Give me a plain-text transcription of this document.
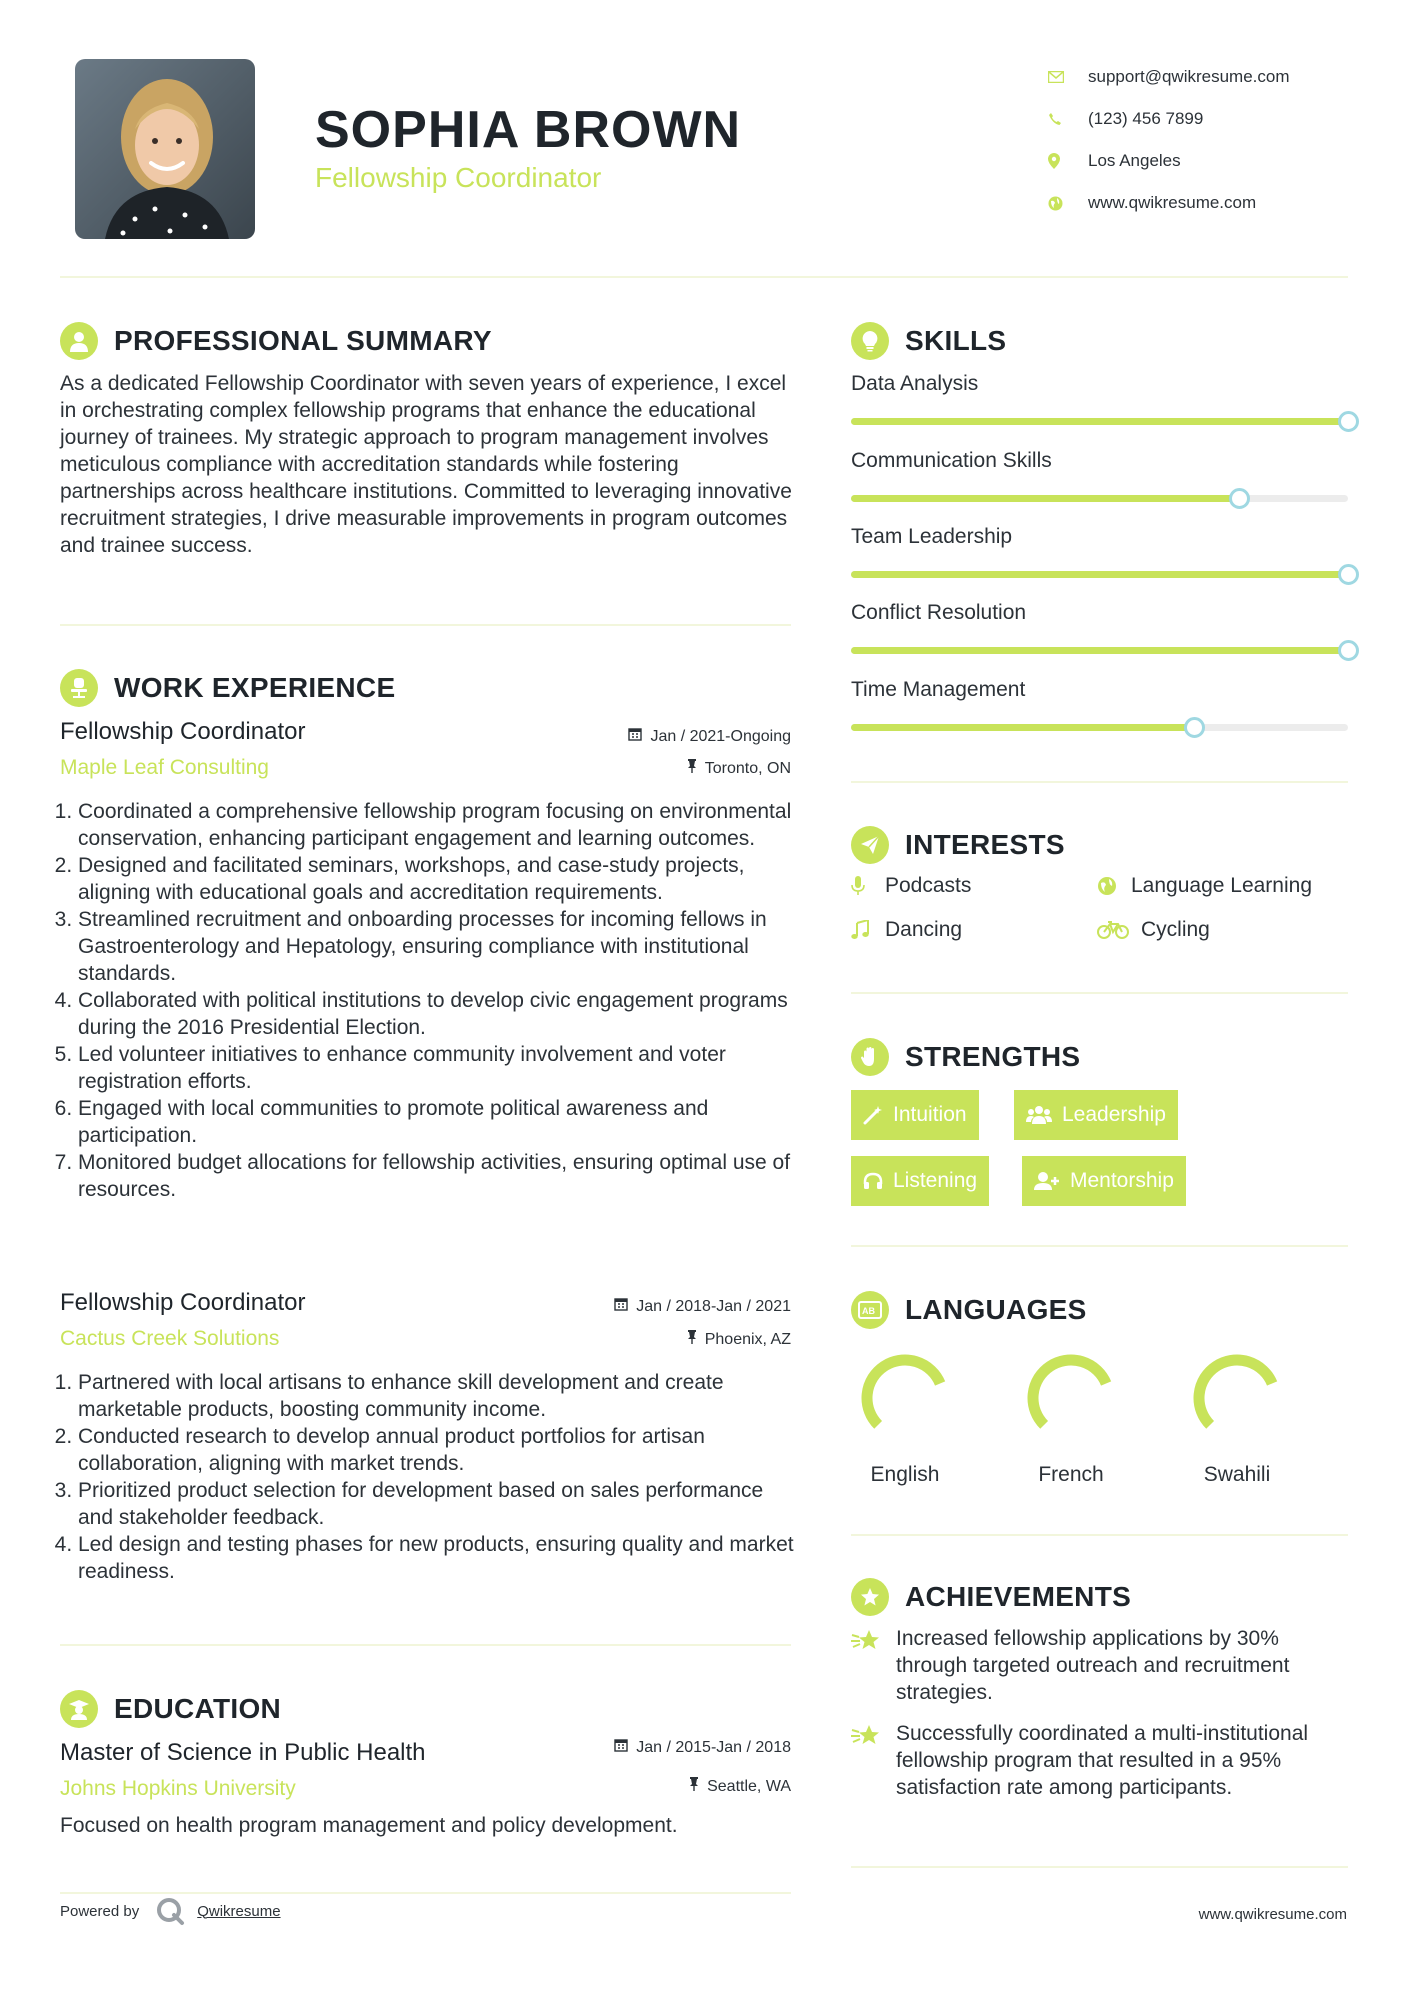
SOPHIA BROWN
Fellowship Coordinator
support@qwikresume.com
(123) 456 7899
Los Angeles
www.qwikresume.com
PROFESSIONAL SUMMARY
As a dedicated Fellowship Coordinator with seven years of experience, I excel in orchestrating complex fellowship programs that enhance the educational journey of trainees. My strategic approach to program management involves meticulous compliance with accreditation standards while fostering partnerships across healthcare institutions. Committed to leveraging innovative recruitment strategies, I drive measurable improvements in program outcomes and trainee success.
WORK EXPERIENCE
Fellowship Coordinator
Maple Leaf Consulting
Jan / 2021-Ongoing
Toronto, ON
1. Coordinated a comprehensive fellowship program focusing on environmental conservation, enhancing participant engagement and learning outcomes.
2. Designed and facilitated seminars, workshops, and case-study projects, aligning with educational goals and accreditation requirements.
3. Streamlined recruitment and onboarding processes for incoming fellows in Gastroenterology and Hepatology, ensuring compliance with institutional standards.
4. Collaborated with political institutions to develop civic engagement programs during the 2016 Presidential Election.
5. Led volunteer initiatives to enhance community involvement and voter registration efforts.
6. Engaged with local communities to promote political awareness and participation.
7. Monitored budget allocations for fellowship activities, ensuring optimal use of resources.
Fellowship Coordinator
Cactus Creek Solutions
Jan / 2018-Jan / 2021
Phoenix, AZ
1. Partnered with local artisans to enhance skill development and create marketable products, boosting community income.
2. Conducted research to develop annual product portfolios for artisan collaboration, aligning with market trends.
3. Prioritized product selection for development based on sales performance and stakeholder feedback.
4. Led design and testing phases for new products, ensuring quality and market readiness.
EDUCATION
Master of Science in Public Health
Johns Hopkins University
Jan / 2015-Jan / 2018
Seattle, WA
Focused on health program management and policy development.
SKILLS
Data Analysis
Communication Skills
Team Leadership
Conflict Resolution
Time Management
INTERESTS
Podcasts	Language Learning
Dancing	Cycling
STRENGTHS
Intuition	Leadership
Listening	Mentorship
AB LANGUAGES
English	French	Swahili
ACHIEVEMENTS
Increased fellowship applications by 30% through targeted outreach and recruitment strategies.
Successfully coordinated a multi-institutional fellowship program that resulted in a 95% satisfaction rate among participants.
Powered by	Qwikresume	www.qwikresume.com
